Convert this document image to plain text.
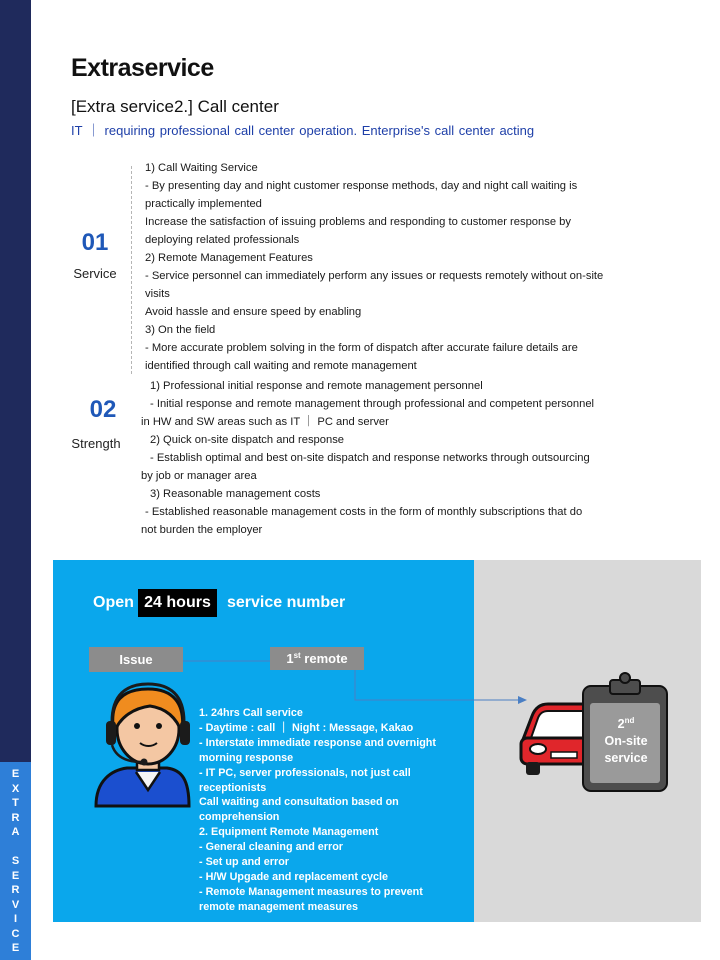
E
X
T
R
A
S
E
R
V
I
C
E
Extraservice
[Extra service2.] Call center
IT ｜ requiring professional call center operation. Enterprise's call center acting
01
Service
1) Call Waiting Service
- By presenting day and night customer response methods, day and night call waiting is
practically implemented
Increase the satisfaction of issuing problems and responding to customer response by
deploying related professionals
2) Remote Management Features
- Service personnel can immediately perform any issues or requests remotely without on-site
visits
Avoid hassle and ensure speed by enabling
3) On the field
- More accurate problem solving in the form of dispatch after accurate failure details are
identified through call waiting and remote management
02
Strength
1) Professional initial response and remote management personnel
- Initial response and remote management through professional and competent personnel
in HW and SW areas such as IT ｜ PC and server
2) Quick on-site dispatch and response
- Establish optimal and best on-site dispatch and response networks through outsourcing
by job or manager area
3) Reasonable management costs
- Established reasonable management costs in the form of monthly subscriptions that do
not burden the employer
Open 24 hours	service number
Issue	1st remote
1. 24hrs Call service
- Daytime : call ｜ Night : Message, Kakao
- Interstate immediate response and overnight
morning response
- IT PC, server professionals, not just call
receptionists
Call waiting and consultation based on
comprehension
2. Equipment Remote Management
- General cleaning and error
- Set up and error
- H/W Upgade and replacement cycle
- Remote Management measures to prevent
remote management measures
2nd
On-site
service
